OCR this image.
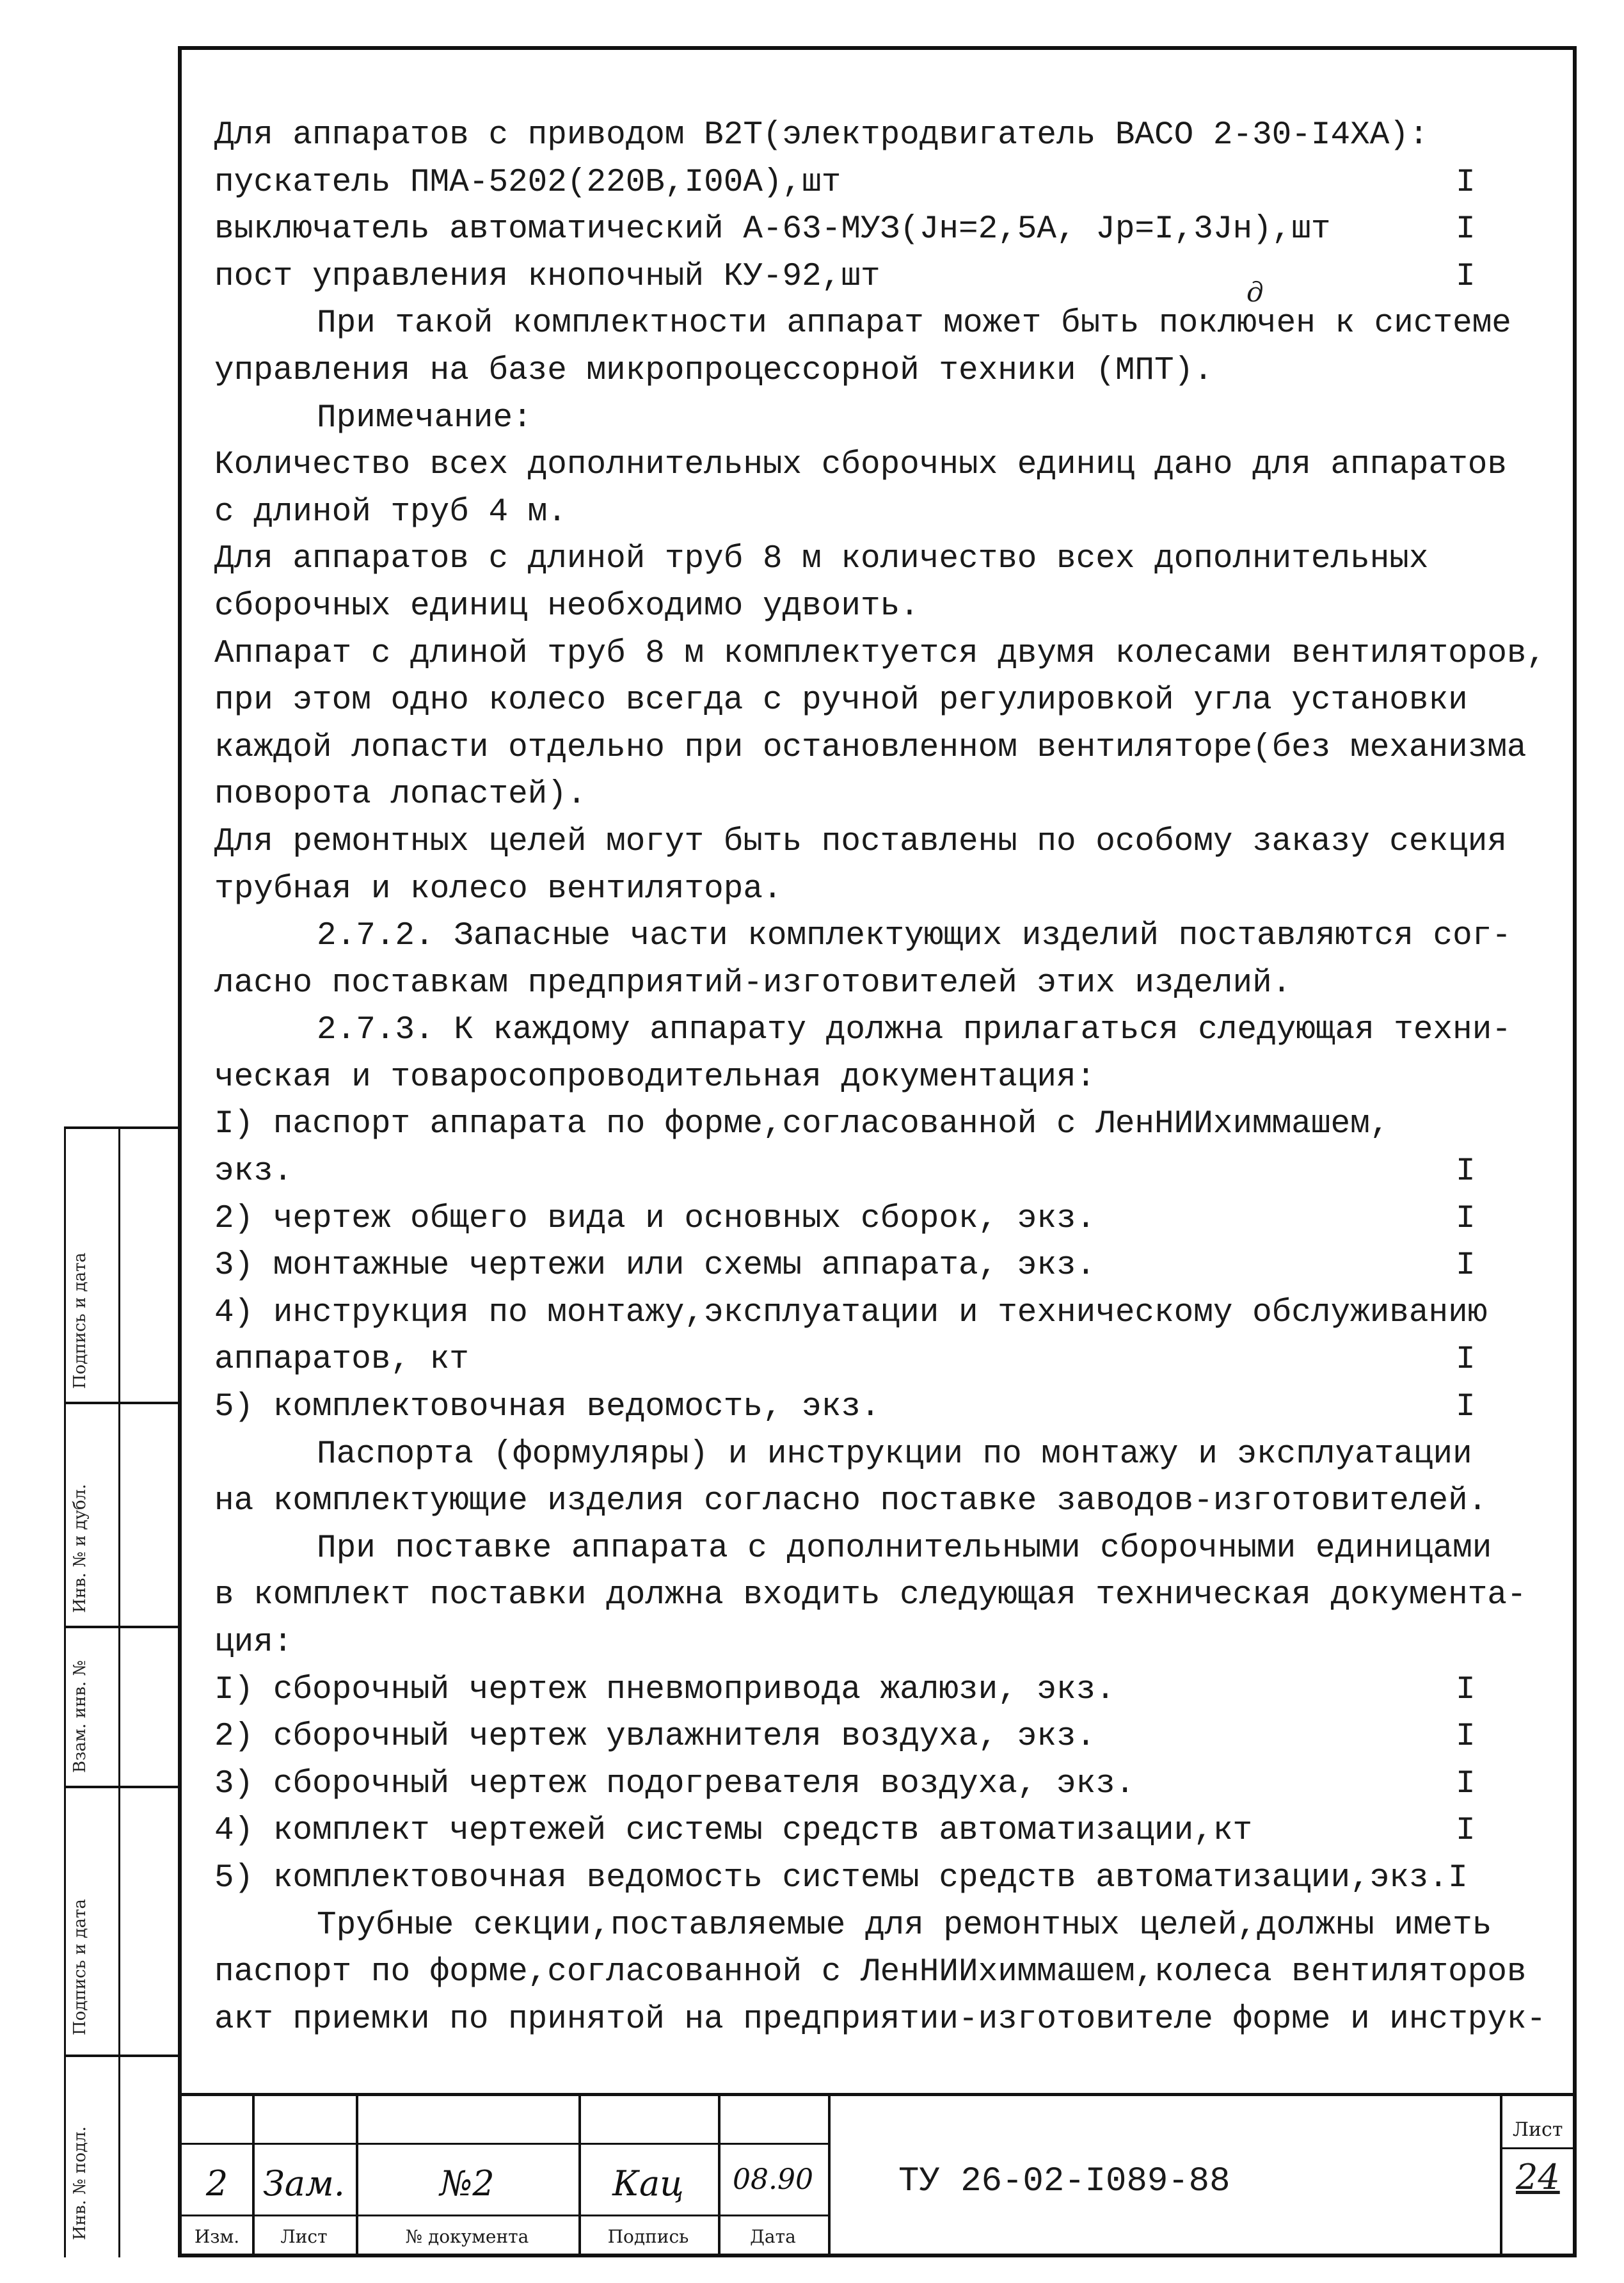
д
Для аппаратов с приводом В2Т(электродвигатель ВАСО 2-30-I4ХА):
пускатель ПМА-5202(220В,I00А),шт	I
выключатель автоматический А-63-МУЗ(Jн=2,5А, Jр=I,3Jн),шт	I
пост управления кнопочный КУ-92,шт	I
При такой комплектности аппарат может быть поключен к системе
управления на базе микропроцессорной техники (МПТ).
Примечание:
Количество всех дополнительных сборочных единиц дано для аппаратов
с длиной труб 4 м.
Для аппаратов с длиной труб 8 м количество всех дополнительных
сборочных единиц необходимо удвоить.
Аппарат с длиной труб 8 м комплектуется двумя колесами вентиляторов,
при этом одно колесо всегда с ручной регулировкой угла установки
каждой лопасти отдельно при остановленном вентиляторе(без механизма
поворота лопастей).
Для ремонтных целей могут быть поставлены по особому заказу секция
трубная и колесо вентилятора.
2.7.2. Запасные части комплектующих изделий поставляются сог-
ласно поставкам предприятий-изготовителей этих изделий.
2.7.3. К каждому аппарату должна прилагаться следующая техни-
ческая и товаросопроводительная документация:
I) паспорт аппарата по форме,согласованной с ЛенНИИхиммашем,
экз.	I
2) чертеж общего вида и основных сборок, экз.	I
3) монтажные чертежи или схемы аппарата, экз.	I
4) инструкция по монтажу,эксплуатации и техническому обслуживанию
аппаратов, кт	I
5) комплектовочная ведомость, экз.	I
Паспорта (формуляры) и инструкции по монтажу и эксплуатации
на комплектующие изделия согласно поставке заводов-изготовителей.
При поставке аппарата с дополнительными сборочными единицами
в комплект поставки должна входить следующая техническая документа-
ция:
I) сборочный чертеж пневмопривода жалюзи, экз.	I
2) сборочный чертеж увлажнителя воздуха, экз.	I
3) сборочный чертеж подогревателя воздуха, экз.	I
4) комплект чертежей системы средств автоматизации,кт	I
5) комплектовочная ведомость системы средств автоматизации,экз.I
Трубные секции,поставляемые для ремонтных целей,должны иметь
паспорт по форме,согласованной с ЛенНИИхиммашем,колеса вентиляторов
акт приемки по принятой на предприятии-изготовителе форме и инструк-
Инв. № подл.
Подпись и дата
Взам. инв. №
Инв. № и дубл.
Подпись и дата
2	Зам.	№2	Кац	08.90
Изм.	Лист	№ документа	Подпись	Дата
ТУ 26-02-I089-88
Лист
24
